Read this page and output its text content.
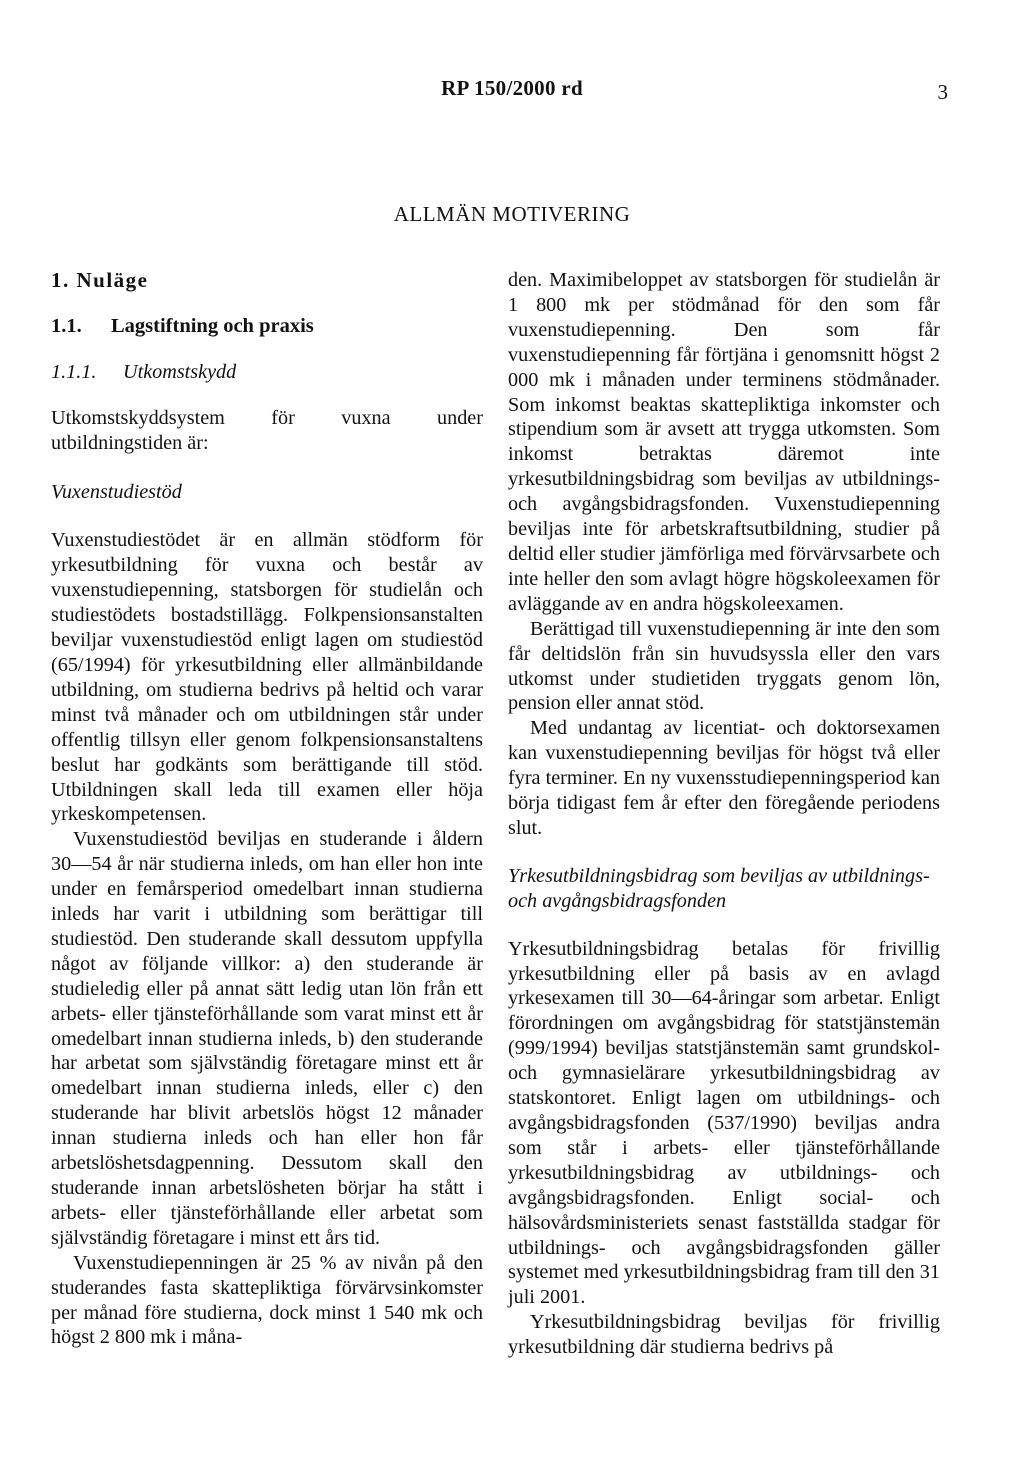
RP 150/2000 rd	3
ALLMÄN MOTIVERING
1. Nuläge
1.1. Lagstiftning och praxis
1.1.1. Utkomstskydd

Utkomstskyddsystem för vuxna under utbildningstiden är:

Vuxenstudiestöd

Vuxenstudiestödet är en allmän stödform för yrkesutbildning för vuxna och består av vuxenstudiepenning, statsborgen för studielån och studiestödets bostadstillägg. Folkpensionsanstalten beviljar vuxenstudiestöd enligt lagen om studiestöd (65/1994) för yrkesutbildning eller allmänbildande utbildning, om studierna bedrivs på heltid och varar minst två månader och om utbildningen står under offentlig tillsyn eller genom folkpensionsanstaltens beslut har godkänts som berättigande till stöd. Utbildningen skall leda till examen eller höja yrkeskompetensen.

Vuxenstudiestöd beviljas en studerande i åldern 30—54 år när studierna inleds, om han eller hon inte under en femårsperiod omedelbart innan studierna inleds har varit i utbildning som berättigar till studiestöd. Den studerande skall dessutom uppfylla något av följande villkor: a) den studerande är studieledig eller på annat sätt ledig utan lön från ett arbets- eller tjänsteförhållande som varat minst ett år omedelbart innan studierna inleds, b) den studerande har arbetat som självständig företagare minst ett år omedelbart innan studierna inleds, eller c) den studerande har blivit arbetslös högst 12 månader innan studierna inleds och han eller hon får arbetslöshetsdagpenning. Dessutom skall den studerande innan arbetslösheten börjar ha stått i arbets- eller tjänsteförhållande eller arbetat som självständig företagare i minst ett års tid.

Vuxenstudiepenningen är 25 % av nivån på den studerandes fasta skattepliktiga förvärvsinkomster per månad före studierna, dock minst 1 540 mk och högst 2 800 mk i måna-

den. Maximibeloppet av statsborgen för studielån är 1 800 mk per stödmånad för den som får vuxenstudiepenning. Den som får vuxenstudiepenning får förtjäna i genomsnitt högst 2 000 mk i månaden under terminens stödmånader. Som inkomst beaktas skattepliktiga inkomster och stipendium som är avsett att trygga utkomsten. Som inkomst betraktas däremot inte yrkesutbildningsbidrag som beviljas av utbildnings- och avgångsbidragsfonden. Vuxenstudiepenning beviljas inte för arbetskraftsutbildning, studier på deltid eller studier jämförliga med förvärvsarbete och inte heller den som avlagt högre högskoleexamen för avläggande av en andra högskoleexamen.

Berättigad till vuxenstudiepenning är inte den som får deltidslön från sin huvudsyssla eller den vars utkomst under studietiden tryggats genom lön, pension eller annat stöd.

Med undantag av licentiat- och doktorsexamen kan vuxenstudiepenning beviljas för högst två eller fyra terminer. En ny vuxensstudiepenningsperiod kan börja tidigast fem år efter den föregående periodens slut.

Yrkesutbildningsbidrag som beviljas av utbildnings- och avgångsbidragsfonden

Yrkesutbildningsbidrag betalas för frivillig yrkesutbildning eller på basis av en avlagd yrkesexamen till 30—64-åringar som arbetar. Enligt förordningen om avgångsbidrag för statstjänstemän (999/1994) beviljas statstjänstemän samt grundskol- och gymnasielärare yrkesutbildningsbidrag av statskontoret. Enligt lagen om utbildnings- och avgångsbidragsfonden (537/1990) beviljas andra som står i arbets- eller tjänsteförhållande yrkesutbildningsbidrag av utbildnings- och avgångsbidragsfonden. Enligt social- och hälsovårdsministeriets senast fastställda stadgar för utbildnings- och avgångsbidragsfonden gäller systemet med yrkesutbildningsbidrag fram till den 31 juli 2001.

Yrkesutbildningsbidrag beviljas för frivillig yrkesutbildning där studierna bedrivs på
